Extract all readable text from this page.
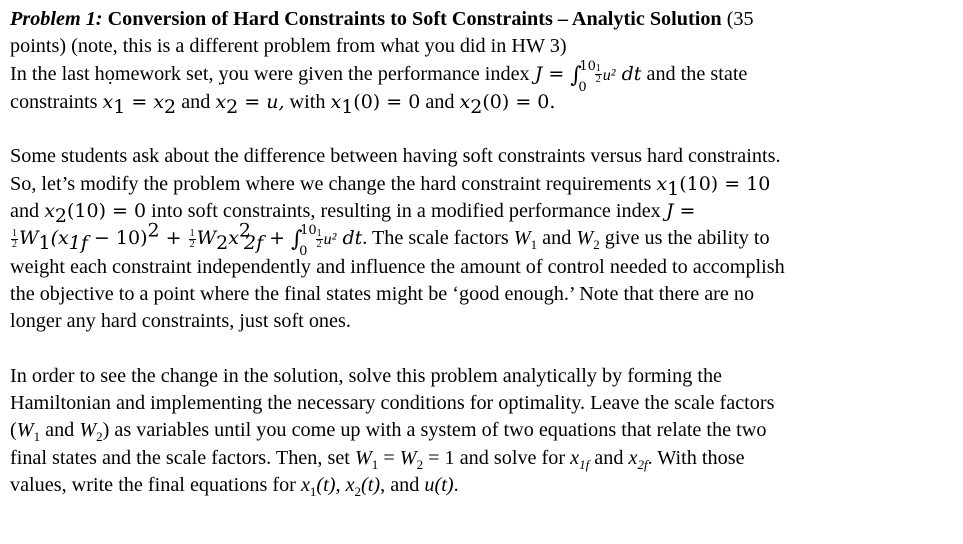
Problem 1: Conversion of Hard Constraints to Soft Constraints – Analytic Solution (35
points) (note, this is a different problem from what you did in HW 3)
In the last homework set, you were given the performance index J = ∫
10
0
$\frac{1}{2} u^2$ dt and the state
constraints x $˙_1 = x_2$ and x $˙_2 = u$, with $x_1(0) = 0$ and $x_2(0) = 0$.

Some students ask about the difference between having soft constraints versus hard constraints.
So, let’s modify the problem where we change the hard constraint requirements $x_1(10) = 10$
and $x_2(10) = 0$ into soft constraints, resulting in a modified performance index J =
$\frac{1}{2} W_1(x_{1f} - 10)^2 + \frac{1}{2} W_2x^2_{2f}$ + ∫
10
0
$\frac{1}{2} u^2$ dt. The scale factors $W_1$ and $W_2$ give us the ability to
weight each constraint independently and influence the amount of control needed to accomplish
the objective to a point where the final states might be ‘good enough.’ Note that there are no
longer any hard constraints, just soft ones.

In order to see the change in the solution, solve this problem analytically by forming the
Hamiltonian and implementing the necessary conditions for optimality. Leave the scale factors
($W_1$ and $W_2$) as variables until you come up with a system of two equations that relate the two
final states and the scale factors. Then, set $W_1 = W_2 = 1$ and solve for $x_{1f}$ and $x_{2f}$. With those
values, write the final equations for $x_1(t)$, $x_2(t)$, and u(t).
